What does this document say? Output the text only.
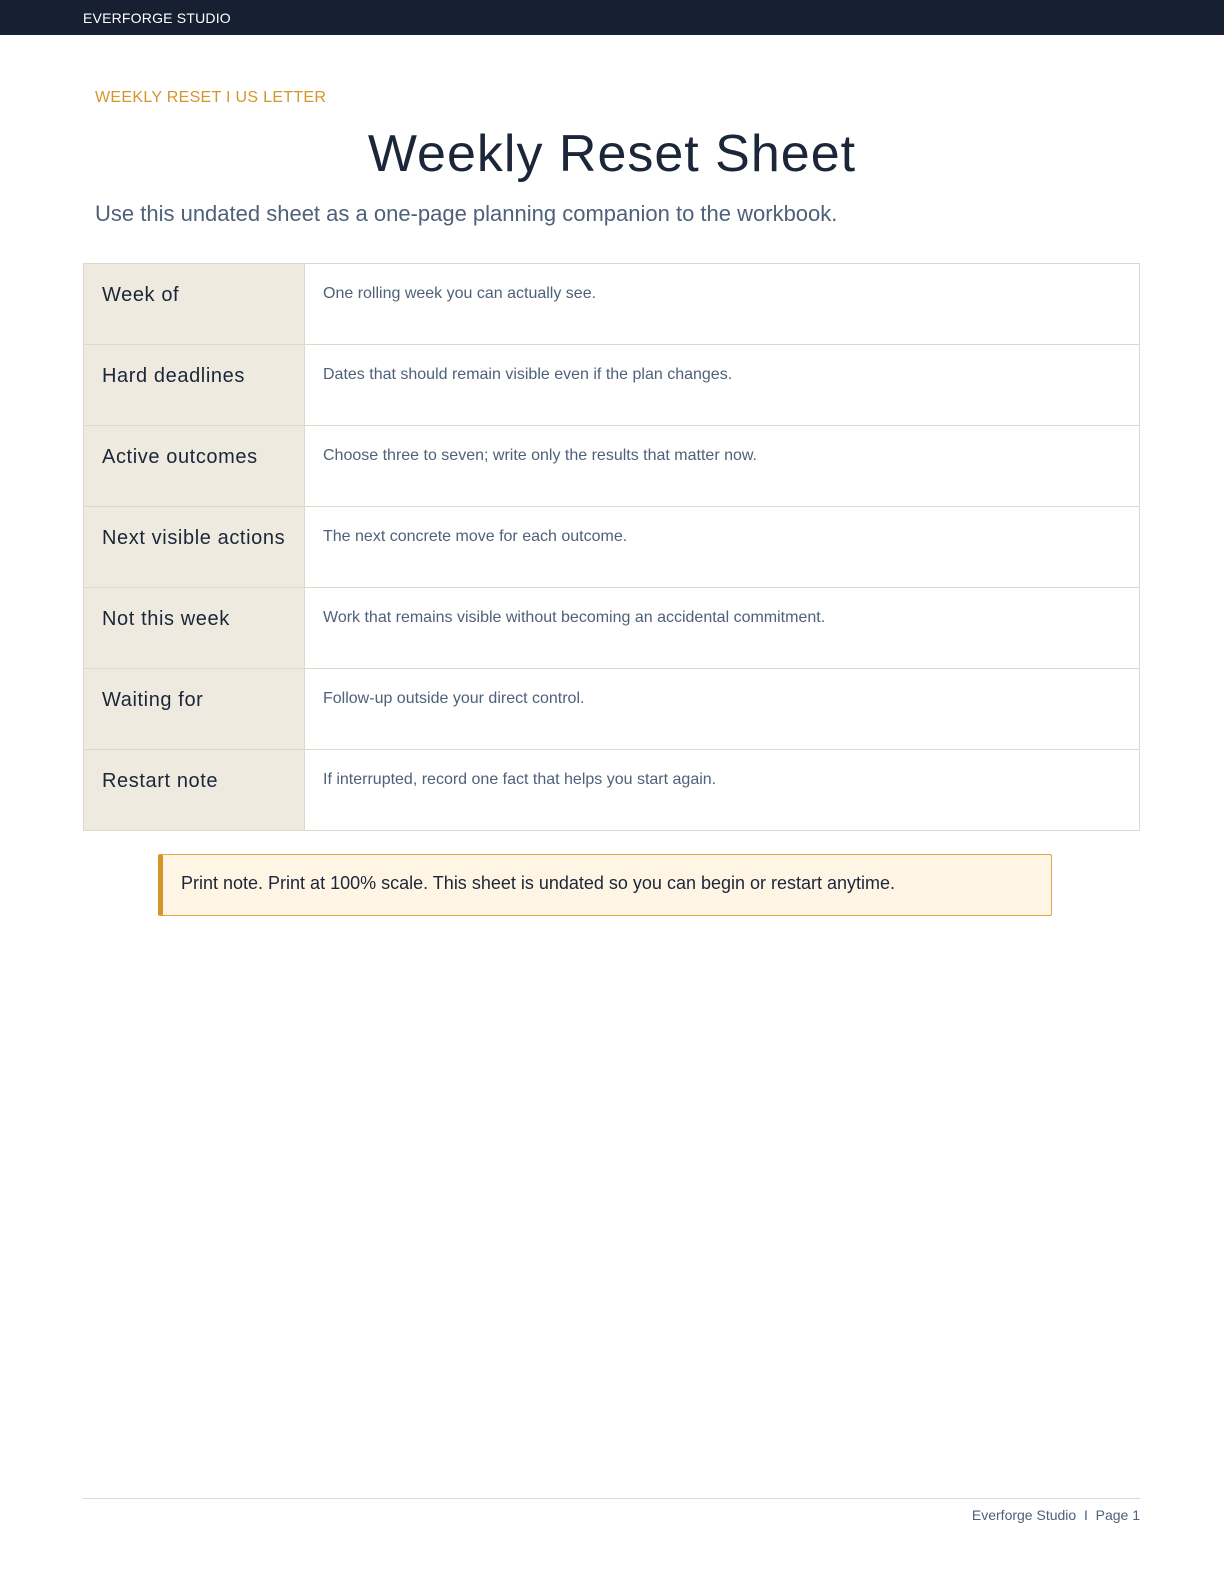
EVERFORGE STUDIO
WEEKLY RESET I US LETTER
Weekly Reset Sheet
Use this undated sheet as a one-page planning companion to the workbook.
Week of	One rolling week you can actually see.
Hard deadlines	Dates that should remain visible even if the plan changes.
Active outcomes	Choose three to seven; write only the results that matter now.
Next visible actions	The next concrete move for each outcome.
Not this week	Work that remains visible without becoming an accidental commitment.
Waiting for	Follow-up outside your direct control.
Restart note	If interrupted, record one fact that helps you start again.
Print note. Print at 100% scale. This sheet is undated so you can begin or restart anytime.
Everforge Studio  I  Page 1
